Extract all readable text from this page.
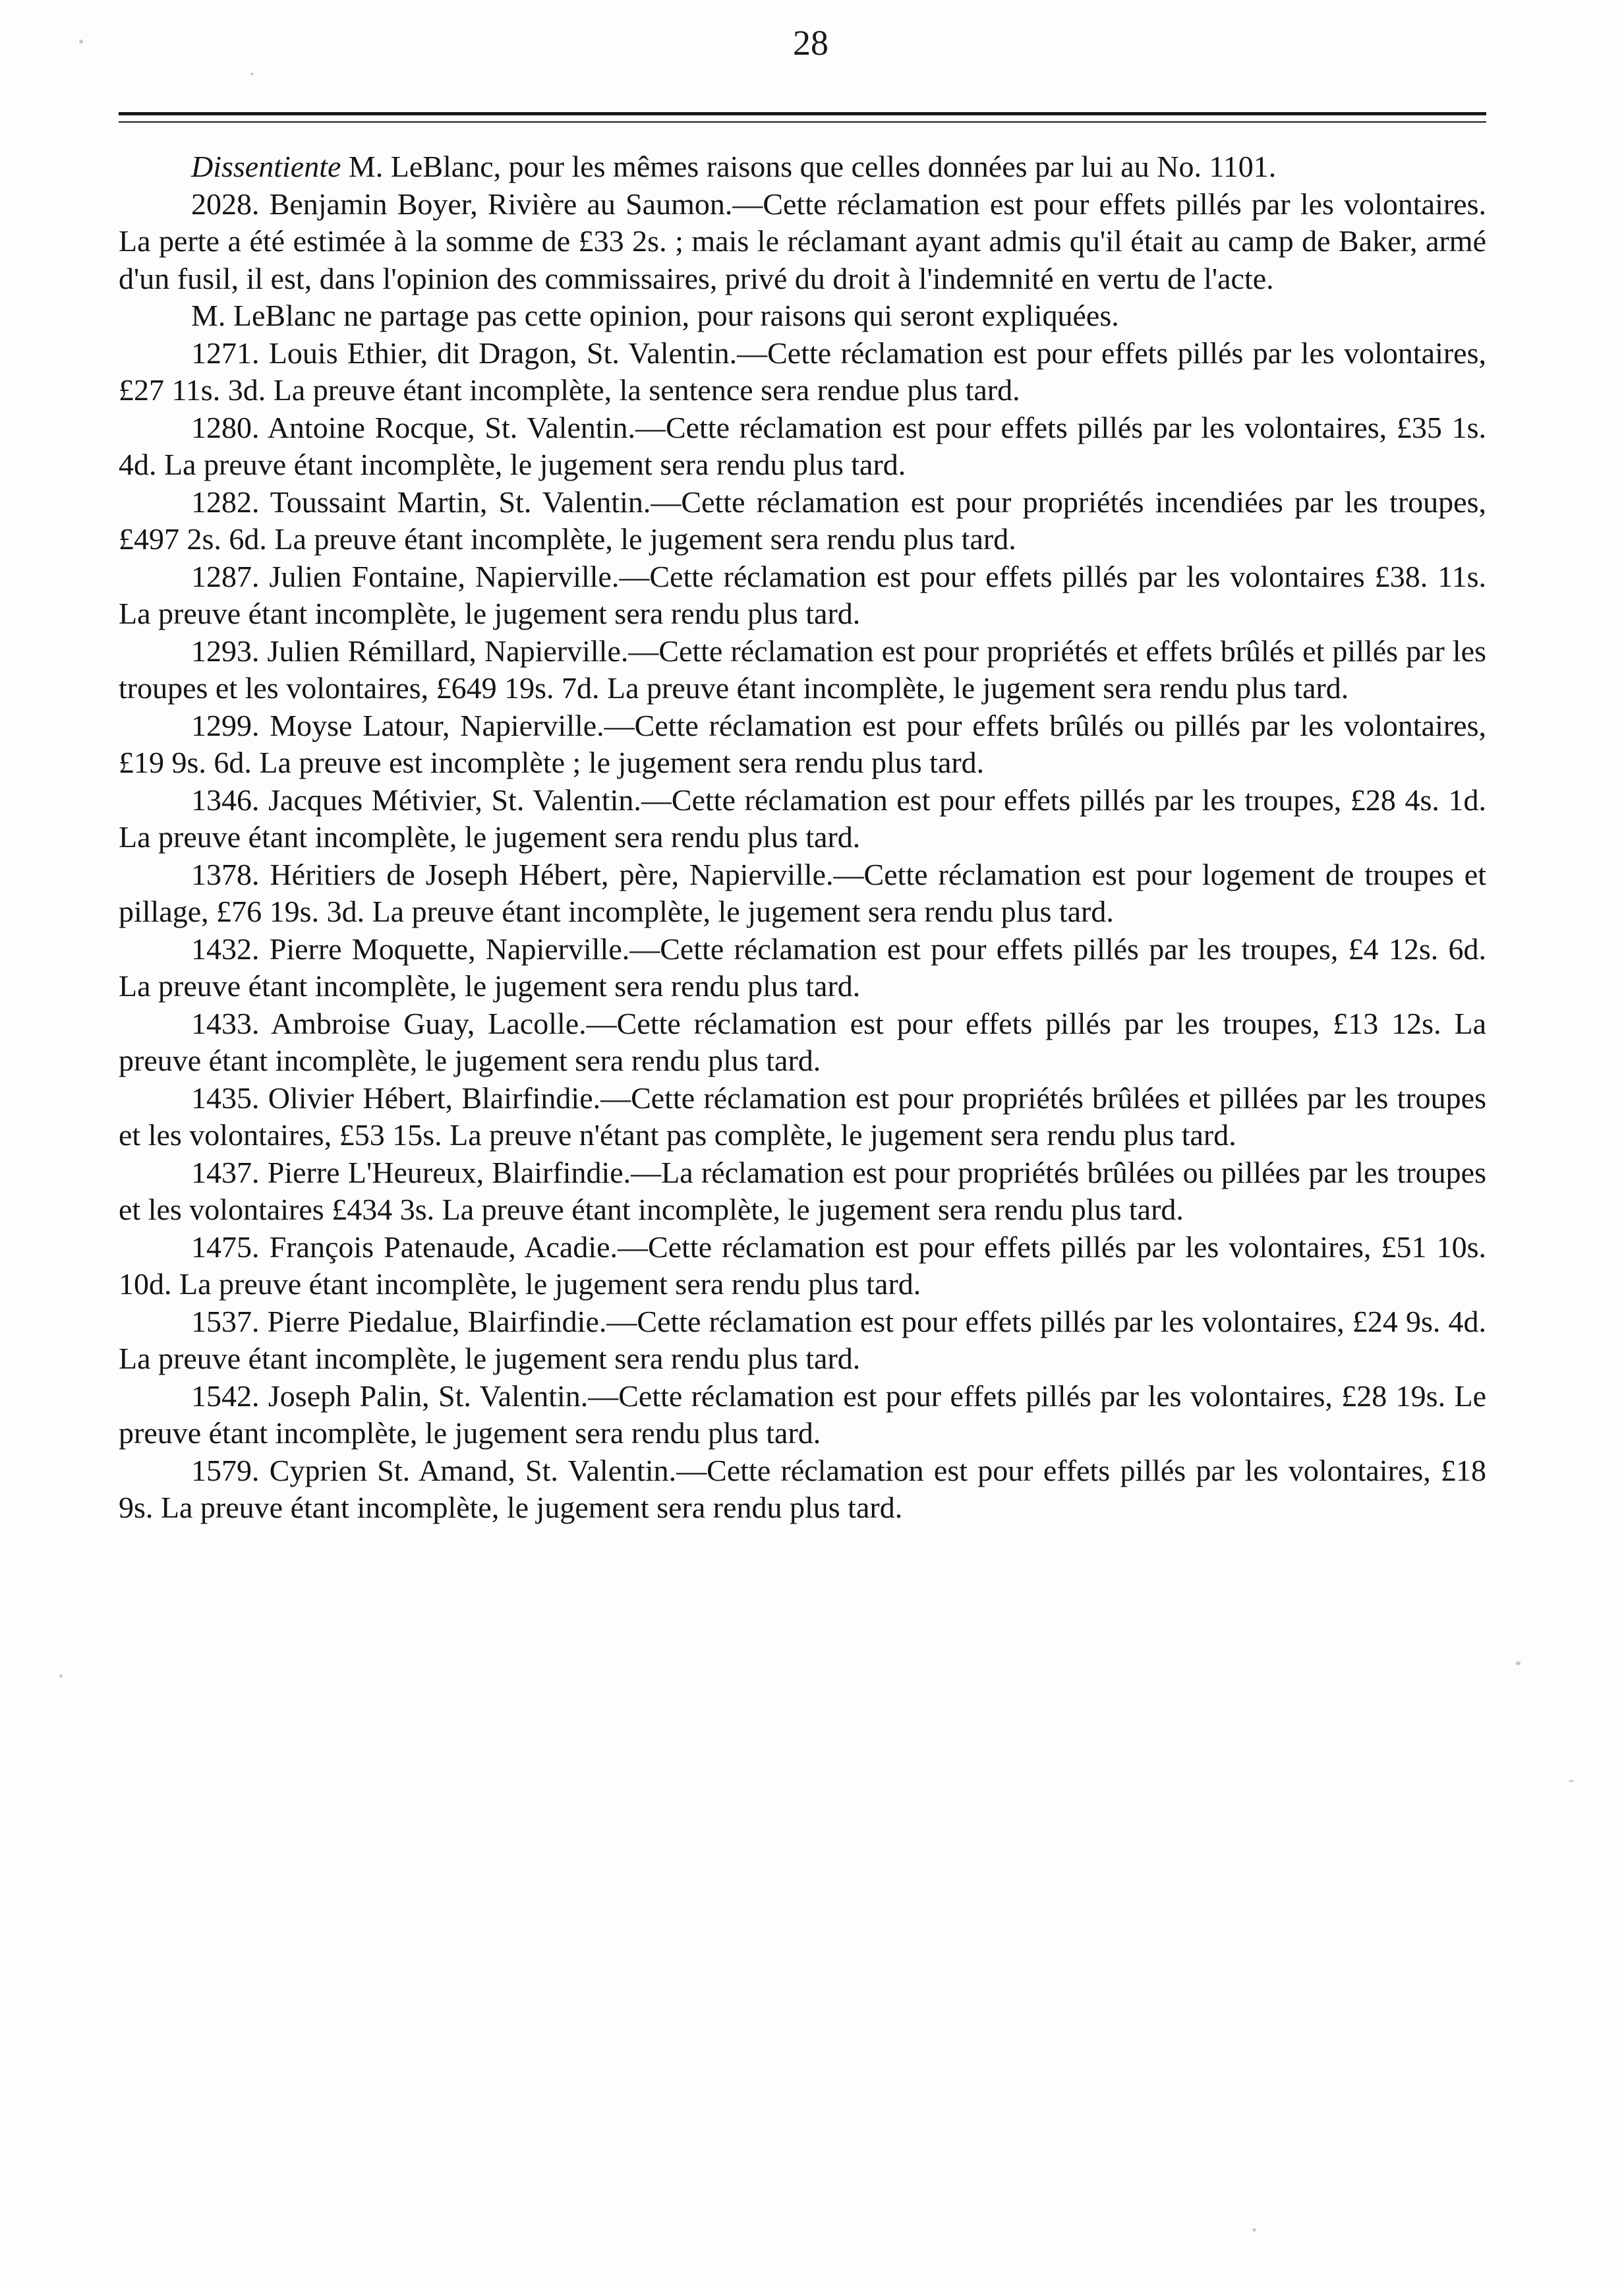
28

Dissentiente M. LeBlanc, pour les mêmes raisons que celles données par lui au No. 1101.

2028. Benjamin Boyer, Rivière au Saumon.—Cette réclamation est pour effets pillés par les volontaires. La perte a été estimée à la somme de £33 2s. ; mais le réclamant ayant admis qu'il était au camp de Baker, armé d'un fusil, il est, dans l'opinion des commissaires, privé du droit à l'indemnité en vertu de l'acte.

M. LeBlanc ne partage pas cette opinion, pour raisons qui seront expliquées.

1271. Louis Ethier, dit Dragon, St. Valentin.—Cette réclamation est pour effets pillés par les volontaires, £27 11s. 3d. La preuve étant incomplète, la sentence sera rendue plus tard.

1280. Antoine Rocque, St. Valentin.—Cette réclamation est pour effets pillés par les volontaires, £35 1s. 4d. La preuve étant incomplète, le jugement sera rendu plus tard.

1282. Toussaint Martin, St. Valentin.—Cette réclamation est pour propriétés incendiées par les troupes, £497 2s. 6d. La preuve étant incomplète, le jugement sera rendu plus tard.

1287. Julien Fontaine, Napierville.—Cette réclamation est pour effets pillés par les volontaires £38. 11s. La preuve étant incomplète, le jugement sera rendu plus tard.

1293. Julien Rémillard, Napierville.—Cette réclamation est pour propriétés et effets brûlés et pillés par les troupes et les volontaires, £649 19s. 7d. La preuve étant incomplète, le jugement sera rendu plus tard.

1299. Moyse Latour, Napierville.—Cette réclamation est pour effets brûlés ou pillés par les volontaires, £19 9s. 6d. La preuve est incomplète ; le jugement sera rendu plus tard.

1346. Jacques Métivier, St. Valentin.—Cette réclamation est pour effets pillés par les troupes, £28 4s. 1d. La preuve étant incomplète, le jugement sera rendu plus tard.

1378. Héritiers de Joseph Hébert, père, Napierville.—Cette réclamation est pour logement de troupes et pillage, £76 19s. 3d. La preuve étant incomplète, le jugement sera rendu plus tard.

1432. Pierre Moquette, Napierville.—Cette réclamation est pour effets pillés par les troupes, £4 12s. 6d. La preuve étant incomplète, le jugement sera rendu plus tard.

1433. Ambroise Guay, Lacolle.—Cette réclamation est pour effets pillés par les troupes, £13 12s. La preuve étant incomplète, le jugement sera rendu plus tard.

1435. Olivier Hébert, Blairfindie.—Cette réclamation est pour propriétés brûlées et pillées par les troupes et les volontaires, £53 15s. La preuve n'étant pas complète, le jugement sera rendu plus tard.

1437. Pierre L'Heureux, Blairfindie.—La réclamation est pour propriétés brûlées ou pillées par les troupes et les volontaires £434 3s. La preuve étant incomplète, le jugement sera rendu plus tard.

1475. François Patenaude, Acadie.—Cette réclamation est pour effets pillés par les volontaires, £51 10s. 10d. La preuve étant incomplète, le jugement sera rendu plus tard.

1537. Pierre Piedalue, Blairfindie.—Cette réclamation est pour effets pillés par les volontaires, £24 9s. 4d. La preuve étant incomplète, le jugement sera rendu plus tard.

1542. Joseph Palin, St. Valentin.—Cette réclamation est pour effets pillés par les volontaires, £28 19s. Le preuve étant incomplète, le jugement sera rendu plus tard.

1579. Cyprien St. Amand, St. Valentin.—Cette réclamation est pour effets pillés par les volontaires, £18 9s. La preuve étant incomplète, le jugement sera rendu plus tard.
